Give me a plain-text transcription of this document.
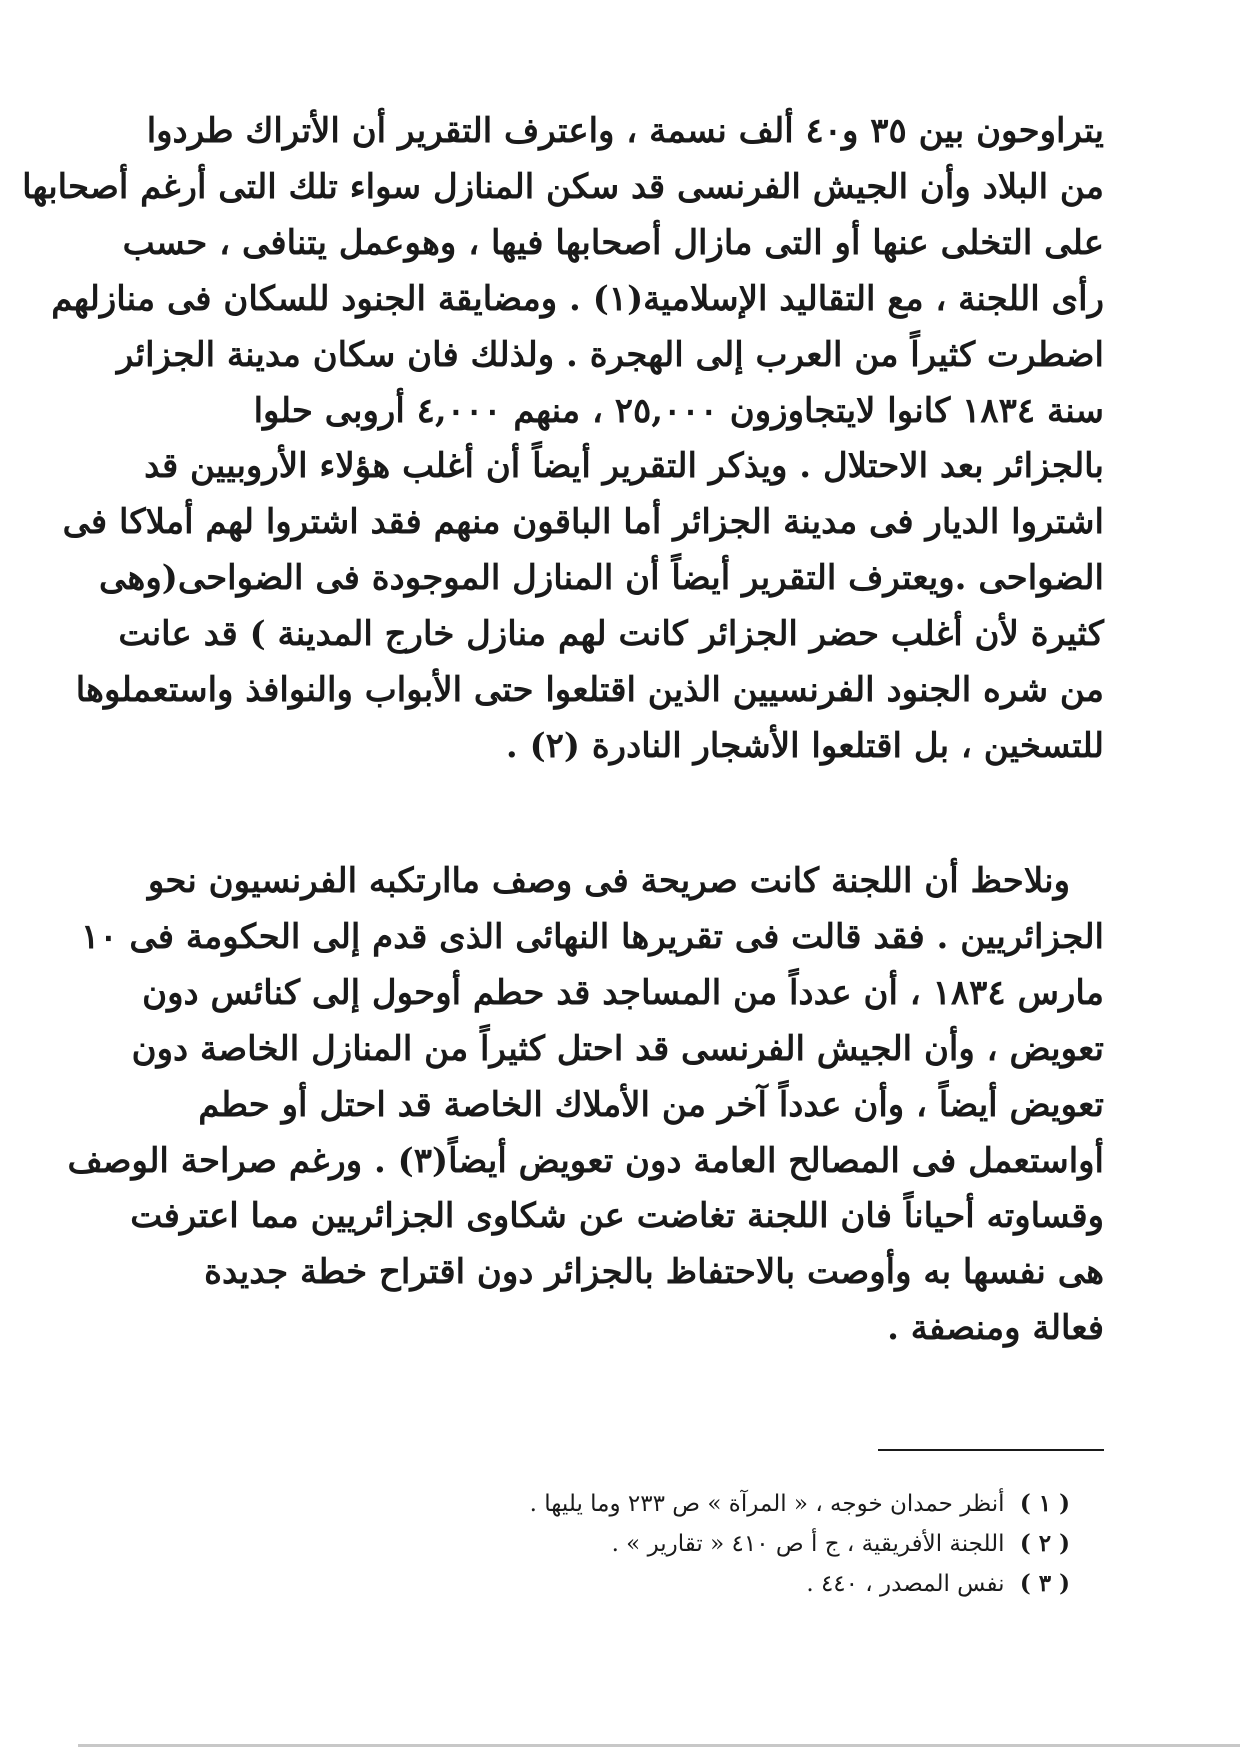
يتراوحون بين ٣٥ و٤٠ ألف نسمة ، واعترف التقرير أن الأتراك طردوا
من البلاد وأن الجيش الفرنسى قد سكن المنازل سواء تلك التى أرغم أصحابها
على التخلى عنها أو التى مازال أصحابها فيها ، وهوعمل يتنافى ، حسب
رأى اللجنة ، مع التقاليد الإسلامية(١) . ومضايقة الجنود للسكان فى منازلهم
اضطرت كثيراً من العرب إلى الهجرة . ولذلك فان سكان مدينة الجزائر
سنة ١٨٣٤ كانوا لايتجاوزون ٢٥,٠٠٠ ، منهم ٤,٠٠٠ أروبى حلوا
بالجزائر بعد الاحتلال . ويذكر التقرير أيضاً أن أغلب هؤلاء الأروبيين قد
اشتروا الديار فى مدينة الجزائر أما الباقون منهم فقد اشتروا لهم أملاكا فى
الضواحى .ويعترف التقرير أيضاً أن المنازل الموجودة فى الضواحى(وهى
كثيرة لأن أغلب حضر الجزائر كانت لهم منازل خارج المدينة ) قد عانت
من شره الجنود الفرنسيين الذين اقتلعوا حتى الأبواب والنوافذ واستعملوها
للتسخين ، بل اقتلعوا الأشجار النادرة (٢) .

ونلاحظ أن اللجنة كانت صريحة فى وصف ماارتكبه الفرنسيون نحو
الجزائريين . فقد قالت فى تقريرها النهائى الذى قدم إلى الحكومة فى ١٠
مارس ١٨٣٤ ، أن عدداً من المساجد قد حطم أوحول إلى كنائس دون
تعويض ، وأن الجيش الفرنسى قد احتل كثيراً من المنازل الخاصة دون
تعويض أيضاً ، وأن عدداً آخر من الأملاك الخاصة قد احتل أو حطم
أواستعمل فى المصالح العامة دون تعويض أيضاً(٣) . ورغم صراحة الوصف
وقساوته أحياناً فان اللجنة تغاضت عن شكاوى الجزائريين مما اعترفت
هى نفسها به وأوصت بالاحتفاظ بالجزائر دون اقتراح خطة جديدة
فعالة ومنصفة .

( ١ ) أنظر حمدان خوجه ، « المرآة » ص ٢٣٣ وما يليها .
( ٢ ) اللجنة الأفريقية ، ج أ ص ٤١٠ « تقارير » .
( ٣ ) نفس المصدر ، ٤٤٠ .
